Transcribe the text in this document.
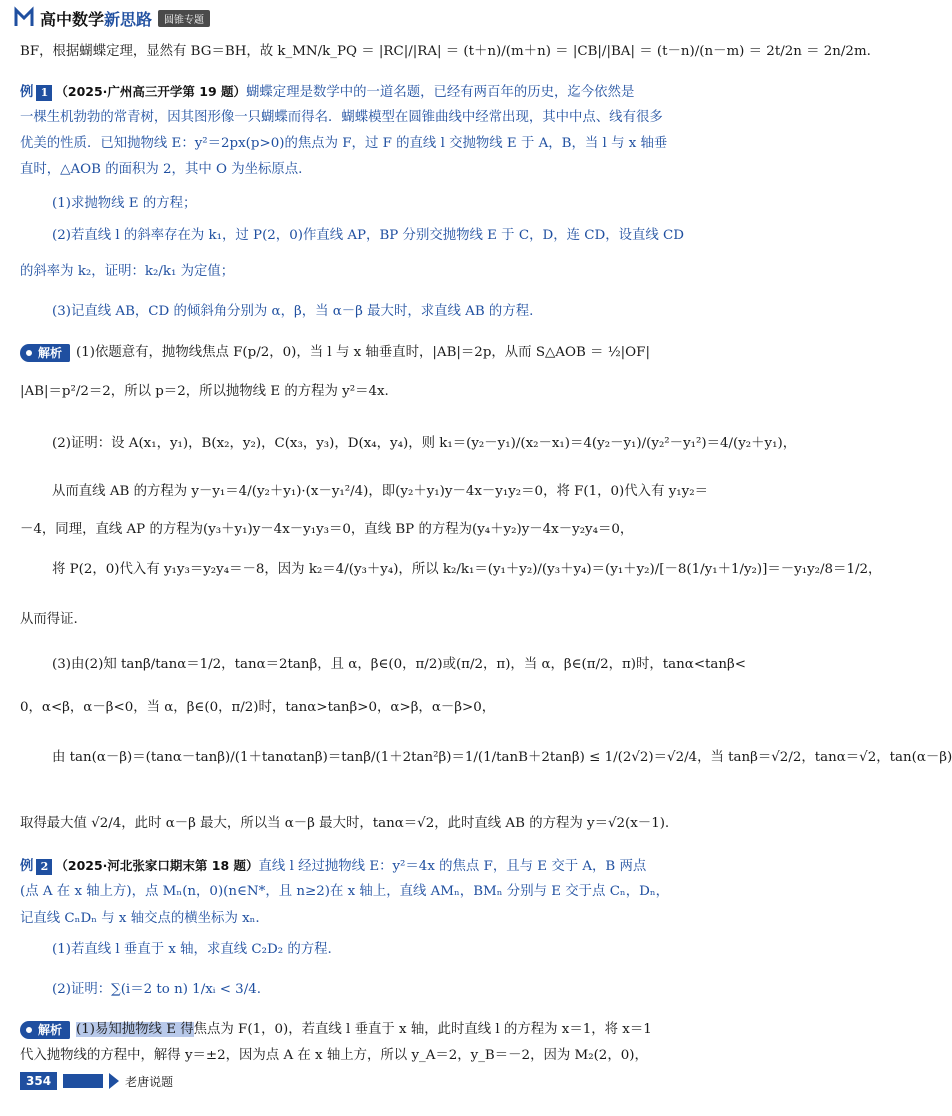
高中数学新思路	圆锥专题
BF，根据蝴蝶定理，显然有 BG＝BH，故 k_MN/k_PQ ＝ |RC|/|RA| ＝ (t＋n)/(m＋n) ＝ |CB|/|BA| ＝ (t－n)/(n－m) ＝ 2t/2n ＝ 2n/2m.
例 1 （2025·广州高三开学第 19 题）蝴蝶定理是数学中的一道名题，已经有两百年的历史，迄今依然是
一棵生机勃勃的常青树，因其图形像一只蝴蝶而得名．蝴蝶模型在圆锥曲线中经常出现，其中中点、线有很多
优美的性质．已知抛物线 E：y²＝2px(p>0)的焦点为 F，过 F 的直线 l 交抛物线 E 于 A，B，当 l 与 x 轴垂
直时，△AOB 的面积为 2，其中 O 为坐标原点.
(1)求抛物线 E 的方程；
(2)若直线 l 的斜率存在为 k₁，过 P(2，0)作直线 AP，BP 分别交抛物线 E 于 C，D，连 CD，设直线 CD
的斜率为 k₂，证明：k₂/k₁ 为定值；
(3)记直线 AB，CD 的倾斜角分别为 α，β，当 α－β 最大时，求直线 AB 的方程.
解析 (1)依题意有，抛物线焦点 F(p/2，0)，当 l 与 x 轴垂直时，|AB|＝2p，从而 S△AOB ＝ ½|OF|
|AB|＝p²/2＝2，所以 p＝2，所以抛物线 E 的方程为 y²＝4x.
(2)证明：设 A(x₁，y₁)，B(x₂，y₂)，C(x₃，y₃)，D(x₄，y₄)，则 k₁＝(y₂－y₁)/(x₂－x₁)＝4(y₂－y₁)/(y₂²－y₁²)＝4/(y₂＋y₁)，
从而直线 AB 的方程为 y－y₁＝4/(y₂＋y₁)·(x－y₁²/4)，即(y₂＋y₁)y－4x－y₁y₂＝0，将 F(1，0)代入有 y₁y₂＝
－4，同理，直线 AP 的方程为(y₃＋y₁)y－4x－y₁y₃＝0，直线 BP 的方程为(y₄＋y₂)y－4x－y₂y₄＝0，
将 P(2，0)代入有 y₁y₃＝y₂y₄＝－8，因为 k₂＝4/(y₃＋y₄)，所以 k₂/k₁＝(y₁＋y₂)/(y₃＋y₄)＝(y₁＋y₂)/[－8(1/y₁＋1/y₂)]＝－y₁y₂/8＝1/2，
从而得证.
(3)由(2)知 tanβ/tanα＝1/2，tanα＝2tanβ，且 α，β∈(0，π/2)或(π/2，π)，当 α，β∈(π/2，π)时，tanα<tanβ<
0，α<β，α－β<0，当 α，β∈(0，π/2)时，tanα>tanβ>0，α>β，α－β>0，
由 tan(α－β)＝(tanα－tanβ)/(1＋tanαtanβ)＝tanβ/(1＋2tan²β)＝1/(1/tanB＋2tanβ) ≤ 1/(2√2)＝√2/4，当 tanβ＝√2/2，tanα＝√2，tan(α－β)
取得最大值 √2/4，此时 α－β 最大，所以当 α－β 最大时，tanα＝√2，此时直线 AB 的方程为 y＝√2(x－1).
例 2 （2025·河北张家口期末第 18 题）直线 l 经过抛物线 E：y²＝4x 的焦点 F，且与 E 交于 A，B 两点
(点 A 在 x 轴上方)，点 Mₙ(n，0)(n∈N*，且 n≥2)在 x 轴上，直线 AMₙ，BMₙ 分别与 E 交于点 Cₙ，Dₙ，
记直线 CₙDₙ 与 x 轴交点的横坐标为 xₙ.
(1)若直线 l 垂直于 x 轴，求直线 C₂D₂ 的方程.
(2)证明：∑(i＝2 to n) 1/xᵢ < 3/4.
解析 (1)易知抛物线 E 得焦点为 F(1，0)，若直线 l 垂直于 x 轴，此时直线 l 的方程为 x＝1，将 x＝1
代入抛物线的方程中，解得 y＝±2，因为点 A 在 x 轴上方，所以 y_A＝2，y_B＝－2，因为 M₂(2，0)，
354	老唐说题
